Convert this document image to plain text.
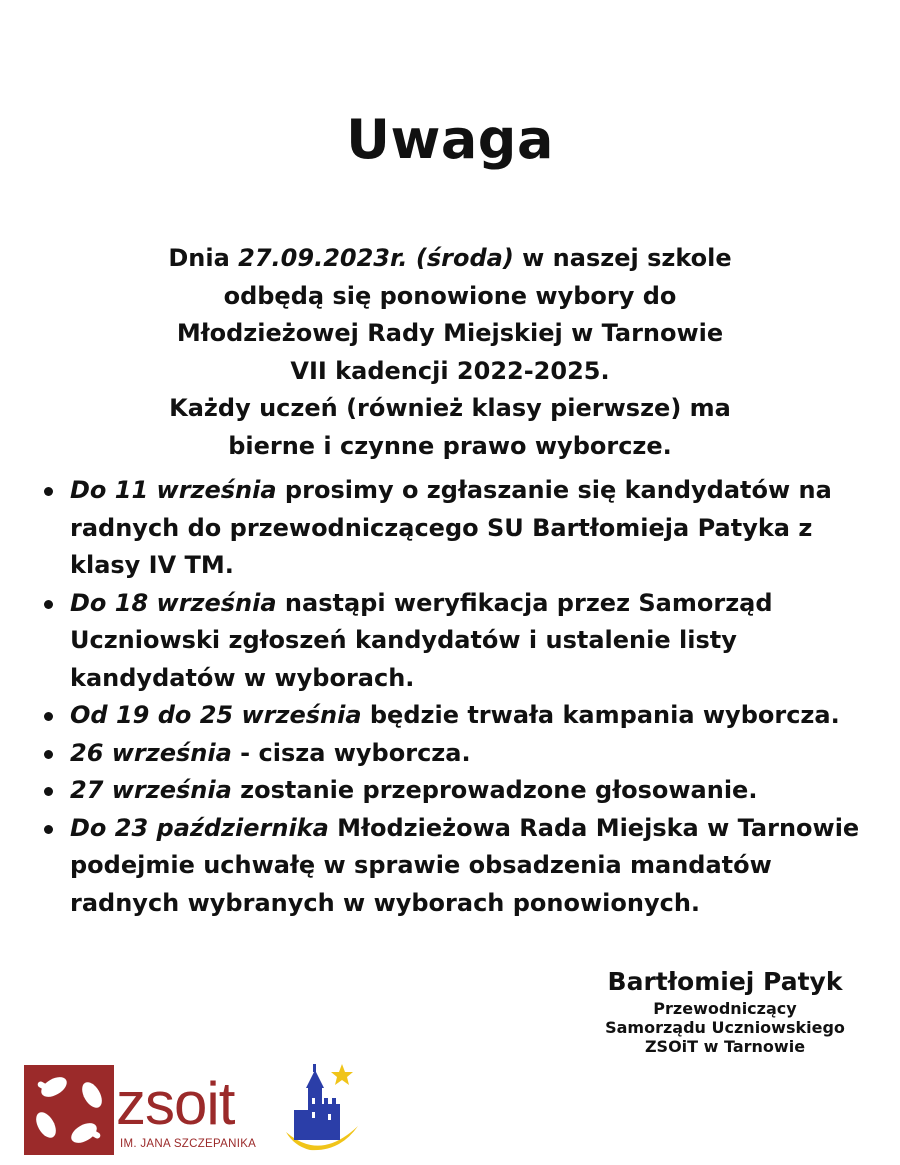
Uwaga
Dnia 27.09.2023r. (środa) w naszej szkole
odbędą się ponowione wybory do
Młodzieżowej Rady Miejskiej w Tarnowie
VII kadencji 2022-2025.
Każdy uczeń (również klasy pierwsze) ma
bierne i czynne prawo wyborcze.
Do 11 września prosimy o zgłaszanie się kandydatów na radnych do przewodniczącego SU Bartłomieja Patyka z klasy IV TM.
Do 18 września nastąpi weryfikacja przez Samorząd Uczniowski zgłoszeń kandydatów i ustalenie listy kandydatów w wyborach.
Od 19 do 25 września będzie trwała kampania wyborcza.
26 września - cisza wyborcza.
27 września zostanie przeprowadzone głosowanie.
Do 23 października Młodzieżowa Rada Miejska w Tarnowie podejmie uchwałę w sprawie obsadzenia mandatów radnych wybranych w wyborach ponowionych.
Bartłomiej Patyk
Przewodniczący
Samorządu Uczniowskiego
ZSOiT w Tarnowie
zsoit
IM. JANA SZCZEPANIKA
